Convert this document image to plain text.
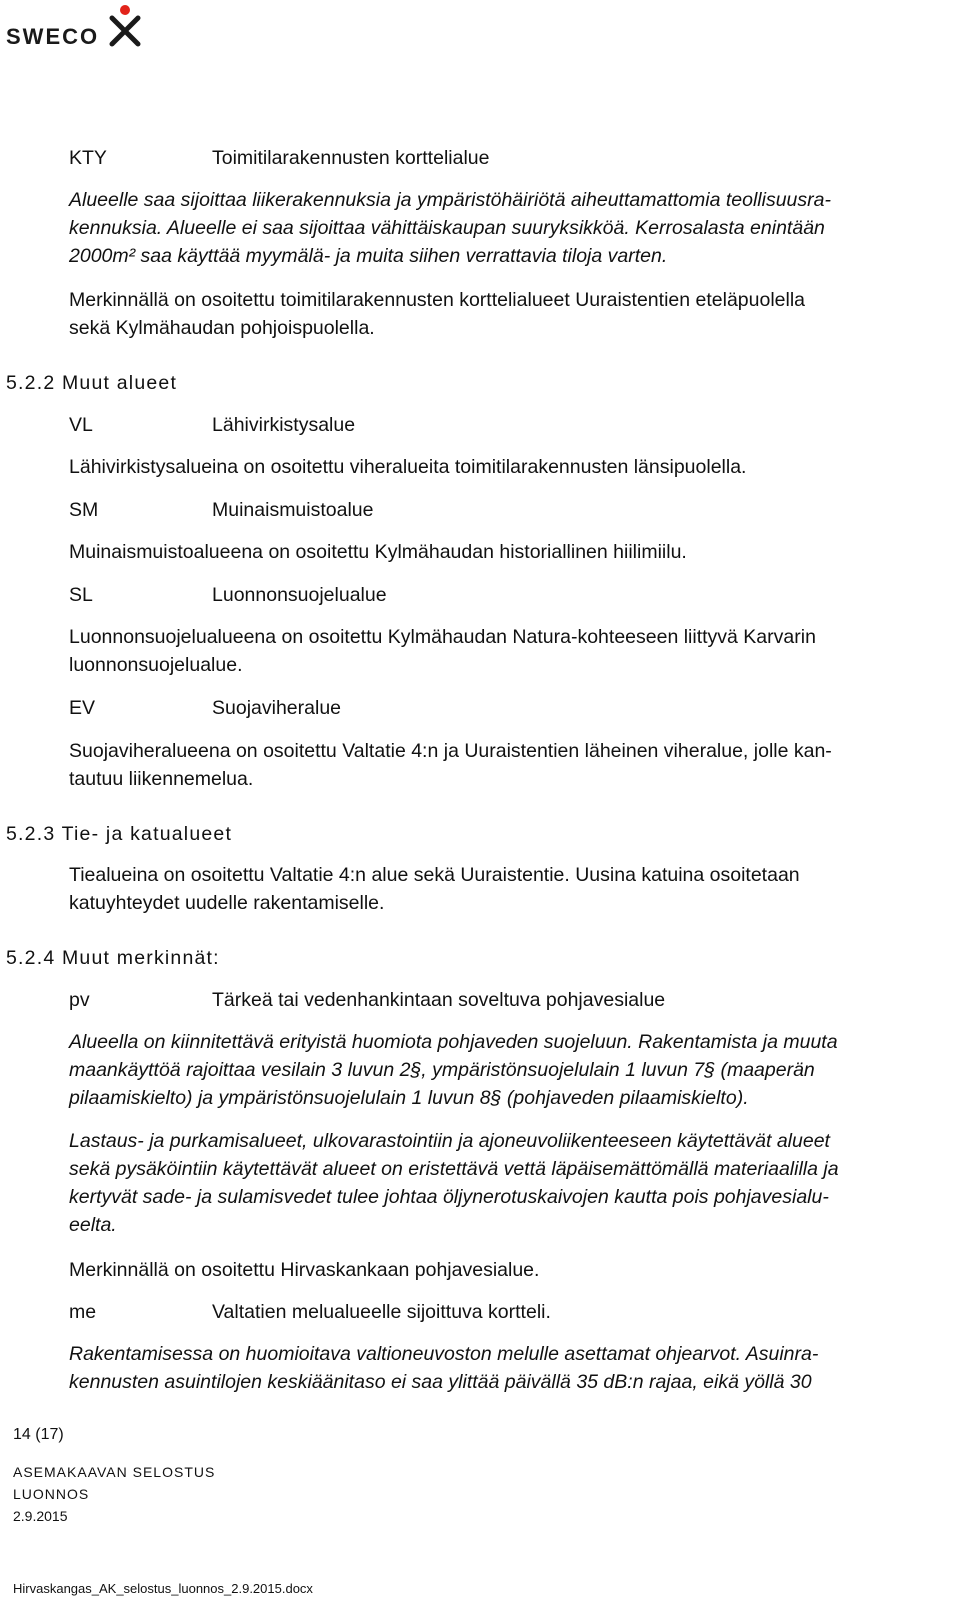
SWECO
KTY	Toimitilarakennusten korttelialue
Alueelle saa sijoittaa liikerakennuksia ja ympäristöhäiriötä aiheuttamattomia teollisuusra-
kennuksia. Alueelle ei saa sijoittaa vähittäiskaupan suuryksikköä. Kerrosalasta enintään
2000m² saa käyttää myymälä- ja muita siihen verrattavia tiloja varten.
Merkinnällä on osoitettu toimitilarakennusten korttelialueet Uuraistentien eteläpuolella
sekä Kylmähaudan pohjoispuolella.
5.2.2 Muut alueet
VL	Lähivirkistysalue
Lähivirkistysalueina on osoitettu viheralueita toimitilarakennusten länsipuolella.
SM	Muinaismuistoalue
Muinaismuistoalueena on osoitettu Kylmähaudan historiallinen hiilimiilu.
SL	Luonnonsuojelualue
Luonnonsuojelualueena on osoitettu Kylmähaudan Natura-kohteeseen liittyvä Karvarin
luonnonsuojelualue.
EV	Suojaviheralue
Suojaviheralueena on osoitettu Valtatie 4:n ja Uuraistentien läheinen viheralue, jolle kan-
tautuu liikennemelua.
5.2.3 Tie- ja katualueet
Tiealueina on osoitettu Valtatie 4:n alue sekä Uuraistentie. Uusina katuina osoitetaan
katuyhteydet uudelle rakentamiselle.
5.2.4 Muut merkinnät:
pv	Tärkeä tai vedenhankintaan soveltuva pohjavesialue
Alueella on kiinnitettävä erityistä huomiota pohjaveden suojeluun. Rakentamista ja muuta
maankäyttöä rajoittaa vesilain 3 luvun 2§, ympäristönsuojelulain 1 luvun 7§ (maaperän
pilaamiskielto) ja ympäristönsuojelulain 1 luvun 8§ (pohjaveden pilaamiskielto).
Lastaus- ja purkamisalueet, ulkovarastointiin ja ajoneuvoliikenteeseen käytettävät alueet
sekä pysäköintiin käytettävät alueet on eristettävä vettä läpäisemättömällä materiaalilla ja
kertyvät sade- ja sulamisvedet tulee johtaa öljynerotuskaivojen kautta pois pohjavesialu-
eelta.
Merkinnällä on osoitettu Hirvaskankaan pohjavesialue.
me	Valtatien melualueelle sijoittuva kortteli.
Rakentamisessa on huomioitava valtioneuvoston melulle asettamat ohjearvot. Asuinra-
kennusten asuintilojen keskiäänitaso ei saa ylittää päivällä 35 dB:n rajaa, eikä yöllä 30
14 (17)
ASEMAKAAVAN SELOSTUS
LUONNOS
2.9.2015
Hirvaskangas_AK_selostus_luonnos_2.9.2015.docx
